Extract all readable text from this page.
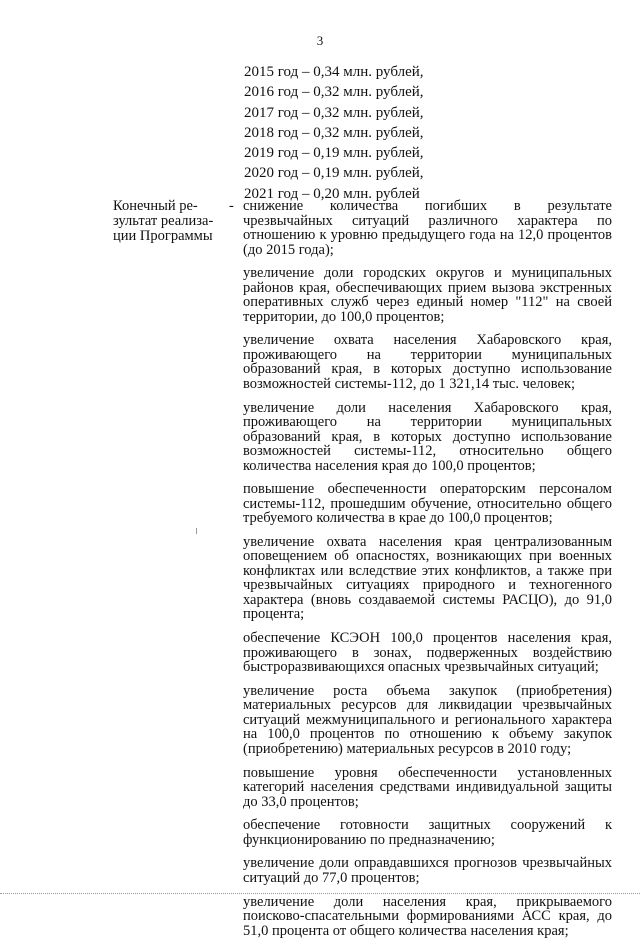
3
2015 год – 0,34 млн. рублей,
2016 год – 0,32 млн. рублей,
2017 год – 0,32 млн. рублей,
2018 год – 0,32 млн. рублей,
2019 год – 0,19 млн. рублей,
2020 год – 0,19 млн. рублей,
2021 год – 0,20 млн. рублей
Конечный ре-
зультат реализа-
ции Программы
- снижение количества погибших в результате чрезвычайных ситуаций различного характера по отношению к уровню предыдущего года на 12,0 процентов (до 2015 года);

увеличение доли городских округов и муниципальных районов края, обеспечивающих прием вызова экстренных оперативных служб через единый номер "112" на своей территории, до 100,0 процентов;

увеличение охвата населения Хабаровского края, проживающего на территории муниципальных образований края, в которых доступно использование возможностей системы-112, до 1 321,14 тыс. человек;

увеличение доли населения Хабаровского края, проживающего на территории муниципальных образований края, в которых доступно использование возможностей системы-112, относительно общего количества населения края до 100,0 процентов;

повышение обеспеченности операторским персоналом системы-112, прошедшим обучение, относительно общего требуемого количества в крае до 100,0 процентов;

увеличение охвата населения края централизованным оповещением об опасностях, возникающих при военных конфликтах или вследствие этих конфликтов, а также при чрезвычайных ситуациях природного и техногенного характера (вновь создаваемой системы РАСЦО), до 91,0 процента;

обеспечение КСЭОН 100,0 процентов населения края, проживающего в зонах, подверженных воздействию быстроразвивающихся опасных чрезвычайных ситуаций;

увеличение роста объема закупок (приобретения) материальных ресурсов для ликвидации чрезвычайных ситуаций межмуниципального и регионального характера на 100,0 процентов по отношению к объему закупок (приобретению) материальных ресурсов в 2010 году;

повышение уровня обеспеченности установленных категорий населения средствами индивидуальной защиты до 33,0 процентов;

обеспечение готовности защитных сооружений к функционированию по предназначению;

увеличение доли оправдавшихся прогнозов чрезвычайных ситуаций до 77,0 процентов;

увеличение доли населения края, прикрываемого поисково-спасательными формированиями АСС края, до 51,0 процента от общего количества населения края;
